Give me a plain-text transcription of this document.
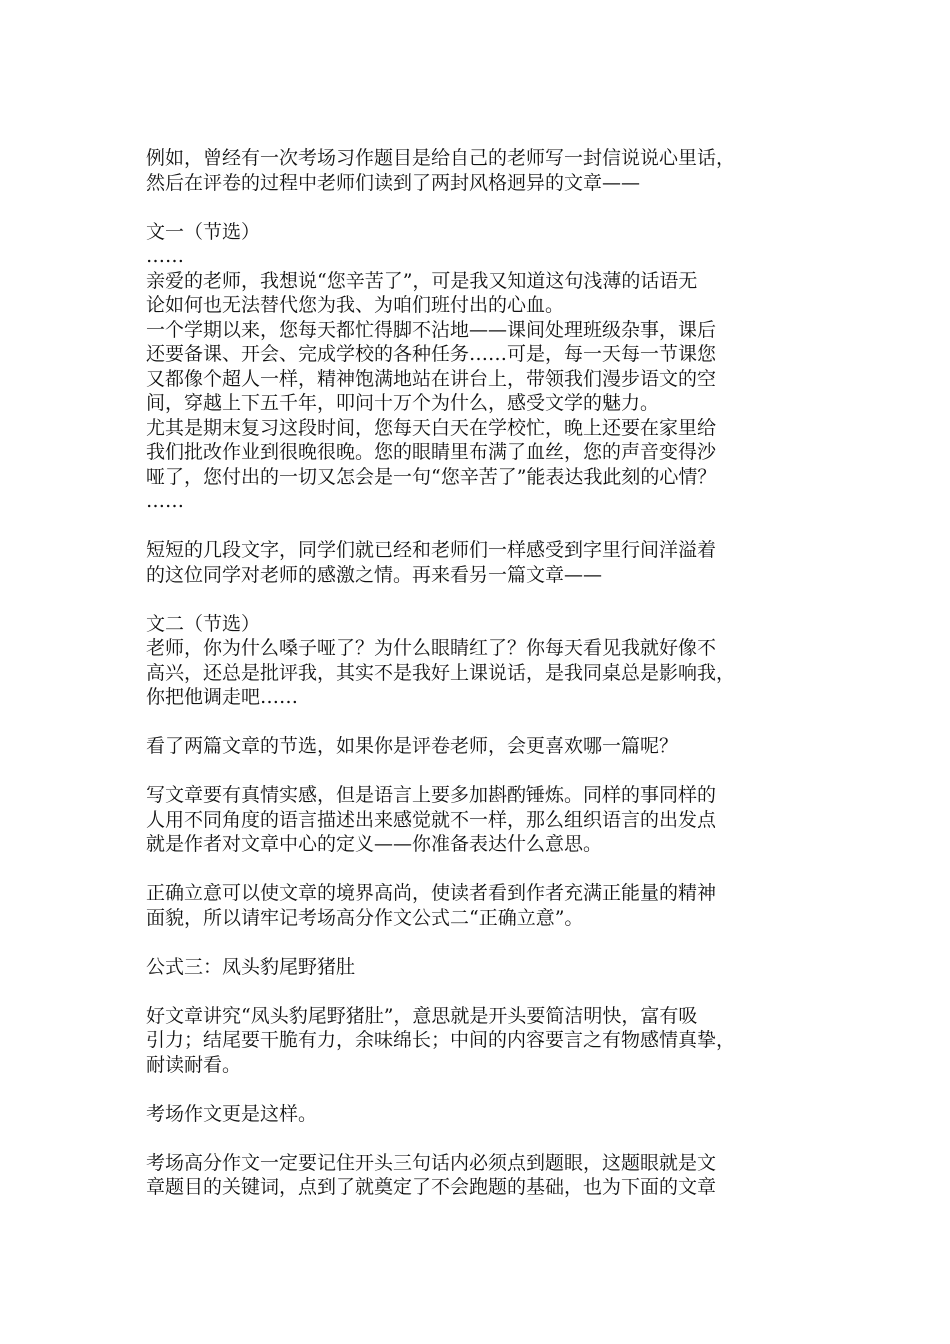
例如，曾经有一次考场习作题目是给自己的老师写一封信说说心里话，
然后在评卷的过程中老师们读到了两封风格迥异的文章——
文一（节选）
……
亲爱的老师，我想说“您辛苦了”，可是我又知道这句浅薄的话语无
论如何也无法替代您为我、为咱们班付出的心血。
一个学期以来，您每天都忙得脚不沾地——课间处理班级杂事，课后
还要备课、开会、完成学校的各种任务……可是，每一天每一节课您
又都像个超人一样，精神饱满地站在讲台上，带领我们漫步语文的空
间，穿越上下五千年，叩问十万个为什么，感受文学的魅力。
尤其是期末复习这段时间，您每天白天在学校忙，晚上还要在家里给
我们批改作业到很晚很晚。您的眼睛里布满了血丝，您的声音变得沙
哑了，您付出的一切又怎会是一句“您辛苦了”能表达我此刻的心情？
……
短短的几段文字，同学们就已经和老师们一样感受到字里行间洋溢着
的这位同学对老师的感激之情。再来看另一篇文章——
文二（节选）
老师，你为什么嗓子哑了？为什么眼睛红了？你每天看见我就好像不
高兴，还总是批评我，其实不是我好上课说话，是我同桌总是影响我，
你把他调走吧……
看了两篇文章的节选，如果你是评卷老师，会更喜欢哪一篇呢？
写文章要有真情实感，但是语言上要多加斟酌锤炼。同样的事同样的
人用不同角度的语言描述出来感觉就不一样，那么组织语言的出发点
就是作者对文章中心的定义——你准备表达什么意思。
正确立意可以使文章的境界高尚，使读者看到作者充满正能量的精神
面貌，所以请牢记考场高分作文公式二“正确立意”。
公式三：凤头豹尾野猪肚
好文章讲究“凤头豹尾野猪肚”，意思就是开头要简洁明快，富有吸
引力；结尾要干脆有力，余味绵长；中间的内容要言之有物感情真挚，
耐读耐看。
考场作文更是这样。
考场高分作文一定要记住开头三句话内必须点到题眼，这题眼就是文
章题目的关键词，点到了就奠定了不会跑题的基础，也为下面的文章
